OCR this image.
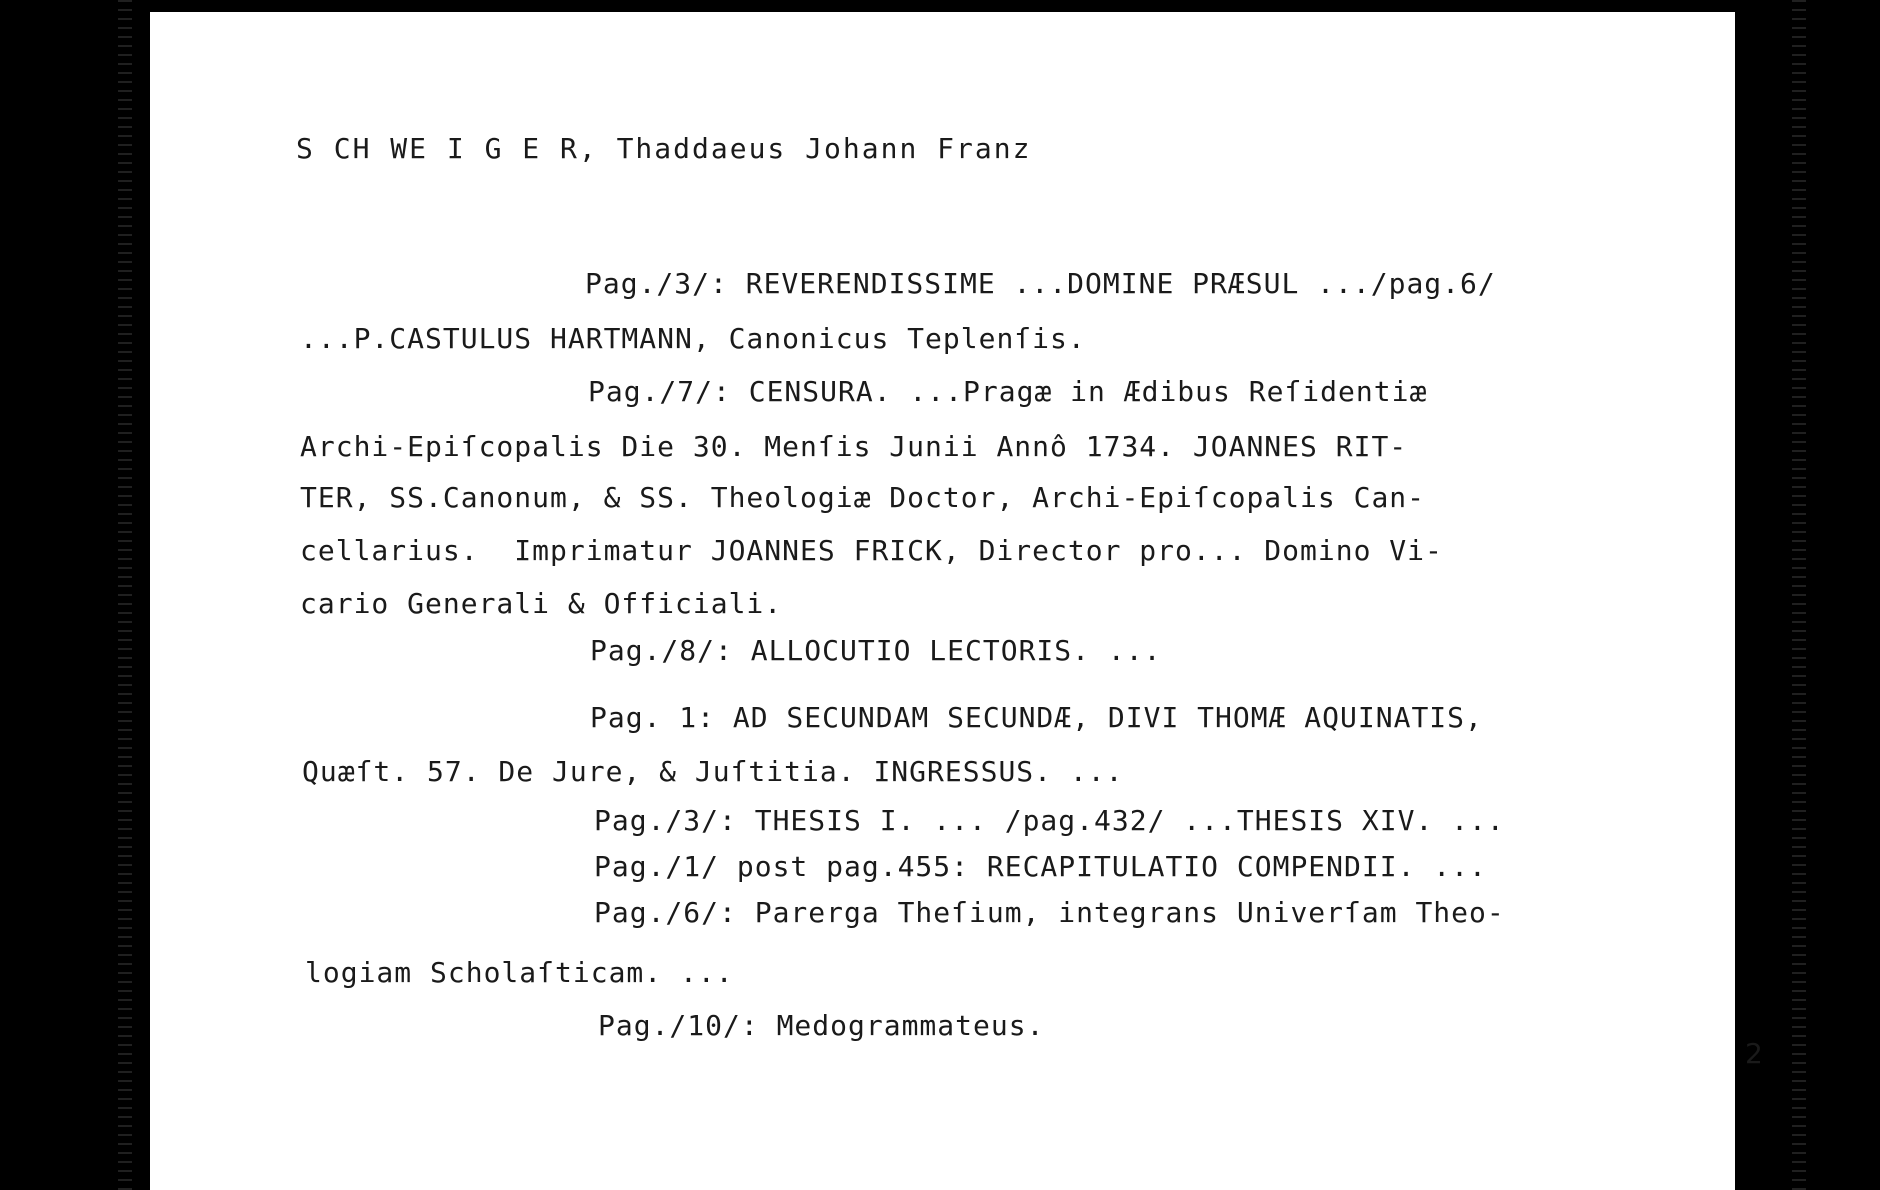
S CH WE I G E R, Thaddaeus Johann Franz
Pag./3/: REVERENDISSIME ...DOMINE PRÆSUL .../pag.6/
...P.CASTULUS HARTMANN, Canonicus Teplenſis.
Pag./7/: CENSURA. ...Pragæ in Ædibus Reſidentiæ
Archi-Epiſcopalis Die 30. Menſis Junii Annô 1734. JOANNES RIT-
TER, SS.Canonum, & SS. Theologiæ Doctor, Archi-Epiſcopalis Can-
cellarius.  Imprimatur JOANNES FRICK, Director pro... Domino Vi-
cario Generali & Officiali.
Pag./8/: ALLOCUTIO LECTORIS. ...
Pag. 1: AD SECUNDAM SECUNDÆ, DIVI THOMÆ AQUINATIS,
Quæſt. 57. De Jure, & Juſtitia. INGRESSUS. ...
Pag./3/: THESIS I. ... /pag.432/ ...THESIS XIV. ...
Pag./1/ post pag.455: RECAPITULATIO COMPENDII. ...
Pag./6/: Parerga Theſium, integrans Univerſam Theo-
logiam Scholaſticam. ...
Pag./10/: Medogrammateus.
2
